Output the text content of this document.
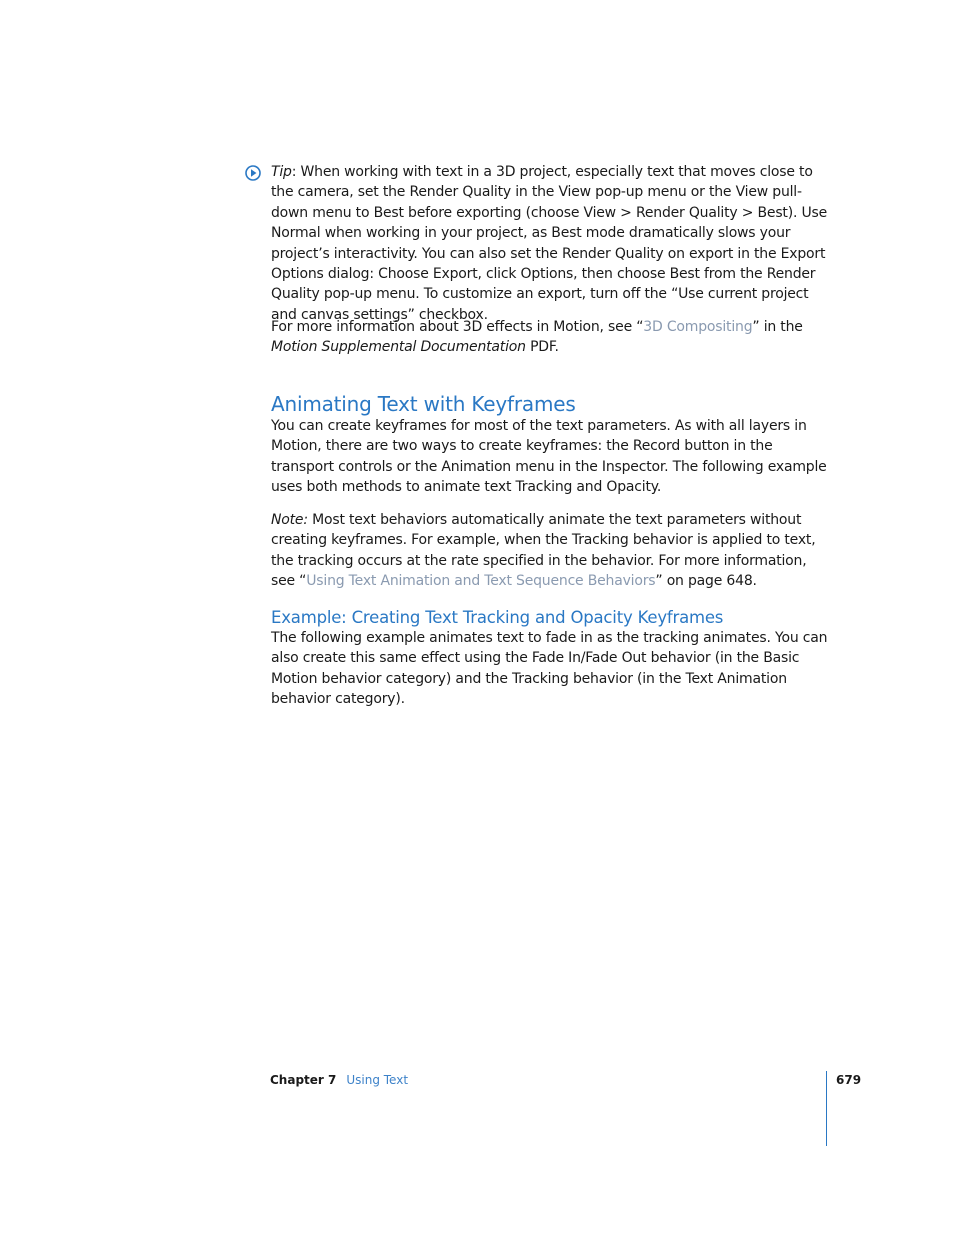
Tip: When working with text in a 3D project, especially text that moves close to the camera, set the Render Quality in the View pop-up menu or the View pull-down menu to Best before exporting (choose View > Render Quality > Best). Use Normal when working in your project, as Best mode dramatically slows your project’s interactivity. You can also set the Render Quality on export in the Export Options dialog: Choose Export, click Options, then choose Best from the Render Quality pop-up menu. To customize an export, turn off the “Use current project and canvas settings” checkbox.
For more information about 3D effects in Motion, see “3D Compositing” in the Motion Supplemental Documentation PDF.
Animating Text with Keyframes
You can create keyframes for most of the text parameters. As with all layers in Motion, there are two ways to create keyframes: the Record button in the transport controls or the Animation menu in the Inspector. The following example uses both methods to animate text Tracking and Opacity.
Note: Most text behaviors automatically animate the text parameters without creating keyframes. For example, when the Tracking behavior is applied to text, the tracking occurs at the rate specified in the behavior. For more information, see “Using Text Animation and Text Sequence Behaviors” on page 648.
Example: Creating Text Tracking and Opacity Keyframes
The following example animates text to fade in as the tracking animates. You can also create this same effect using the Fade In/Fade Out behavior (in the Basic Motion behavior category) and the Tracking behavior (in the Text Animation behavior category).
Chapter 7 Using Text	679
